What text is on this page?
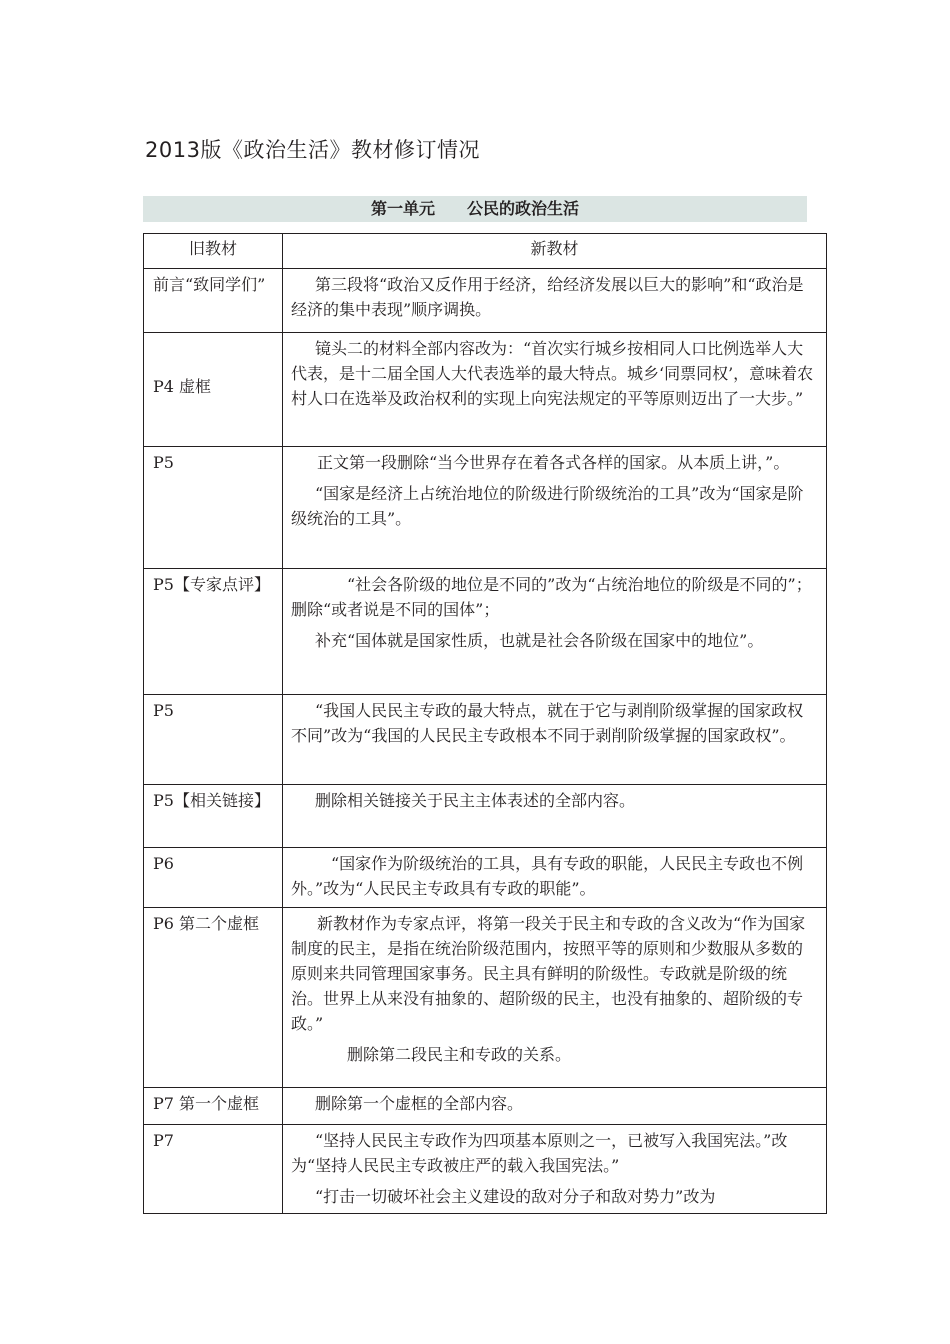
2013版《政治生活》教材修订情况
第一单元　　公民的政治生活
旧教材	新教材
前言“致同学们”	第三段将“政治又反作用于经济，给经济发展以巨大的影响”和“政治是经济的集中表现”顺序调换。

P4 虚框	镜头二的材料全部内容改为：“首次实行城乡按相同人口比例选举人大代表，是十二届全国人大代表选举的最大特点。城乡‘同票同权’，意味着农村人口在选举及政治权利的实现上向宪法规定的平等原则迈出了一大步。”

P5	正文第一段删除“当今世界存在着各式各样的国家。从本质上讲，”。

“国家是经济上占统治地位的阶级进行阶级统治的工具”改为“国家是阶级统治的工具”。

P5【专家点评】	“社会各阶级的地位是不同的”改为“占统治地位的阶级是不同的”；删除“或者说是不同的国体”；

补充“国体就是国家性质，也就是社会各阶级在国家中的地位”。

P5	“我国人民民主专政的最大特点，就在于它与剥削阶级掌握的国家政权不同”改为“我国的人民民主专政根本不同于剥削阶级掌握的国家政权”。

P5【相关链接】	删除相关链接关于民主主体表述的全部内容。

P6	“国家作为阶级统治的工具，具有专政的职能，人民民主专政也不例外。”改为“人民民主专政具有专政的职能”。

P6 第二个虚框	新教材作为专家点评，将第一段关于民主和专政的含义改为“作为国家制度的民主，是指在统治阶级范围内，按照平等的原则和少数服从多数的原则来共同管理国家事务。民主具有鲜明的阶级性。专政就是阶级的统治。世界上从来没有抽象的、超阶级的民主，也没有抽象的、超阶级的专政。”

删除第二段民主和专政的关系。

P7 第一个虚框	删除第一个虚框的全部内容。

P7	“坚持人民民主专政作为四项基本原则之一，已被写入我国宪法。”改为“坚持人民民主专政被庄严的载入我国宪法。”

“打击一切破坏社会主义建设的敌对分子和敌对势力”改为
